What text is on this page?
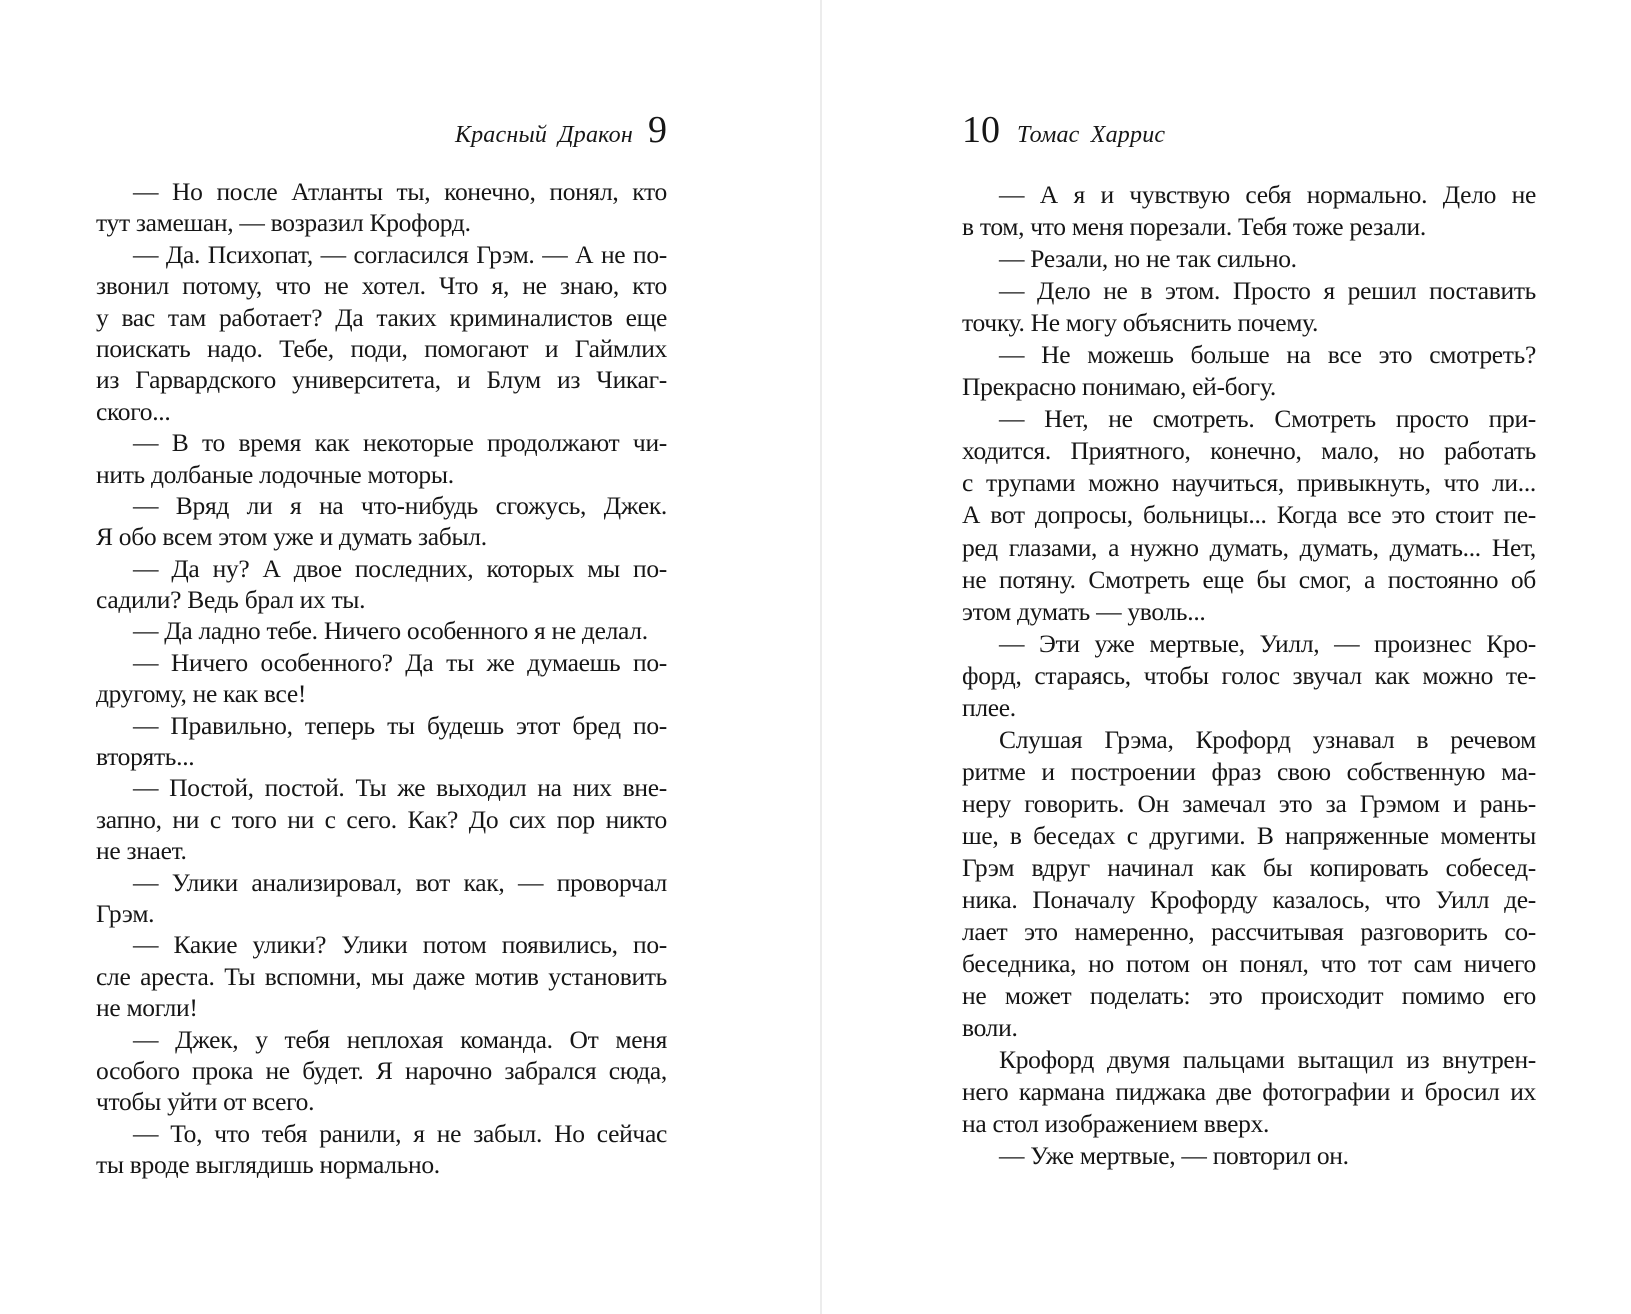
Красный Дракон 9
— Но после Атланты ты, конечно, понял, кто
тут замешан, — возразил Крофорд.
— Да. Психопат, — согласился Грэм. — А не по-
звонил потому, что не хотел. Что я, не знаю, кто
у вас там работает? Да таких криминалистов еще
поискать надо. Тебе, поди, помогают и Гаймлих
из Гарвардского университета, и Блум из Чикаг-
ского...
— В то время как некоторые продолжают чи-
нить долбаные лодочные моторы.
— Вряд ли я на что-нибудь сгожусь, Джек.
Я обо всем этом уже и думать забыл.
— Да ну? А двое последних, которых мы по-
садили? Ведь брал их ты.
— Да ладно тебе. Ничего особенного я не делал.
— Ничего особенного? Да ты же думаешь по-
другому, не как все!
— Правильно, теперь ты будешь этот бред по-
вторять...
— Постой, постой. Ты же выходил на них вне-
запно, ни с того ни с сего. Как? До сих пор никто
не знает.
— Улики анализировал, вот как, — проворчал
Грэм.
— Какие улики? Улики потом появились, по-
сле ареста. Ты вспомни, мы даже мотив установить
не могли!
— Джек, у тебя неплохая команда. От меня
особого прока не будет. Я нарочно забрался сюда,
чтобы уйти от всего.
— То, что тебя ранили, я не забыл. Но сейчас
ты вроде выглядишь нормально.
10 Томас Харрис
— А я и чувствую себя нормально. Дело не
в том, что меня порезали. Тебя тоже резали.
— Резали, но не так сильно.
— Дело не в этом. Просто я решил поставить
точку. Не могу объяснить почему.
— Не можешь больше на все это смотреть?
Прекрасно понимаю, ей-богу.
— Нет, не смотреть. Смотреть просто при-
ходится. Приятного, конечно, мало, но работать
с трупами можно научиться, привыкнуть, что ли...
А вот допросы, больницы... Когда все это стоит пе-
ред глазами, а нужно думать, думать, думать... Нет,
не потяну. Смотреть еще бы смог, а постоянно об
этом думать — уволь...
— Эти уже мертвые, Уилл, — произнес Кро-
форд, стараясь, чтобы голос звучал как можно те-
плее.
Слушая Грэма, Крофорд узнавал в речевом
ритме и построении фраз свою собственную ма-
неру говорить. Он замечал это за Грэмом и рань-
ше, в беседах с другими. В напряженные моменты
Грэм вдруг начинал как бы копировать собесед-
ника. Поначалу Крофорду казалось, что Уилл де-
лает это намеренно, рассчитывая разговорить со-
беседника, но потом он понял, что тот сам ничего
не может поделать: это происходит помимо его
воли.
Крофорд двумя пальцами вытащил из внутрен-
него кармана пиджака две фотографии и бросил их
на стол изображением вверх.
— Уже мертвые, — повторил он.
